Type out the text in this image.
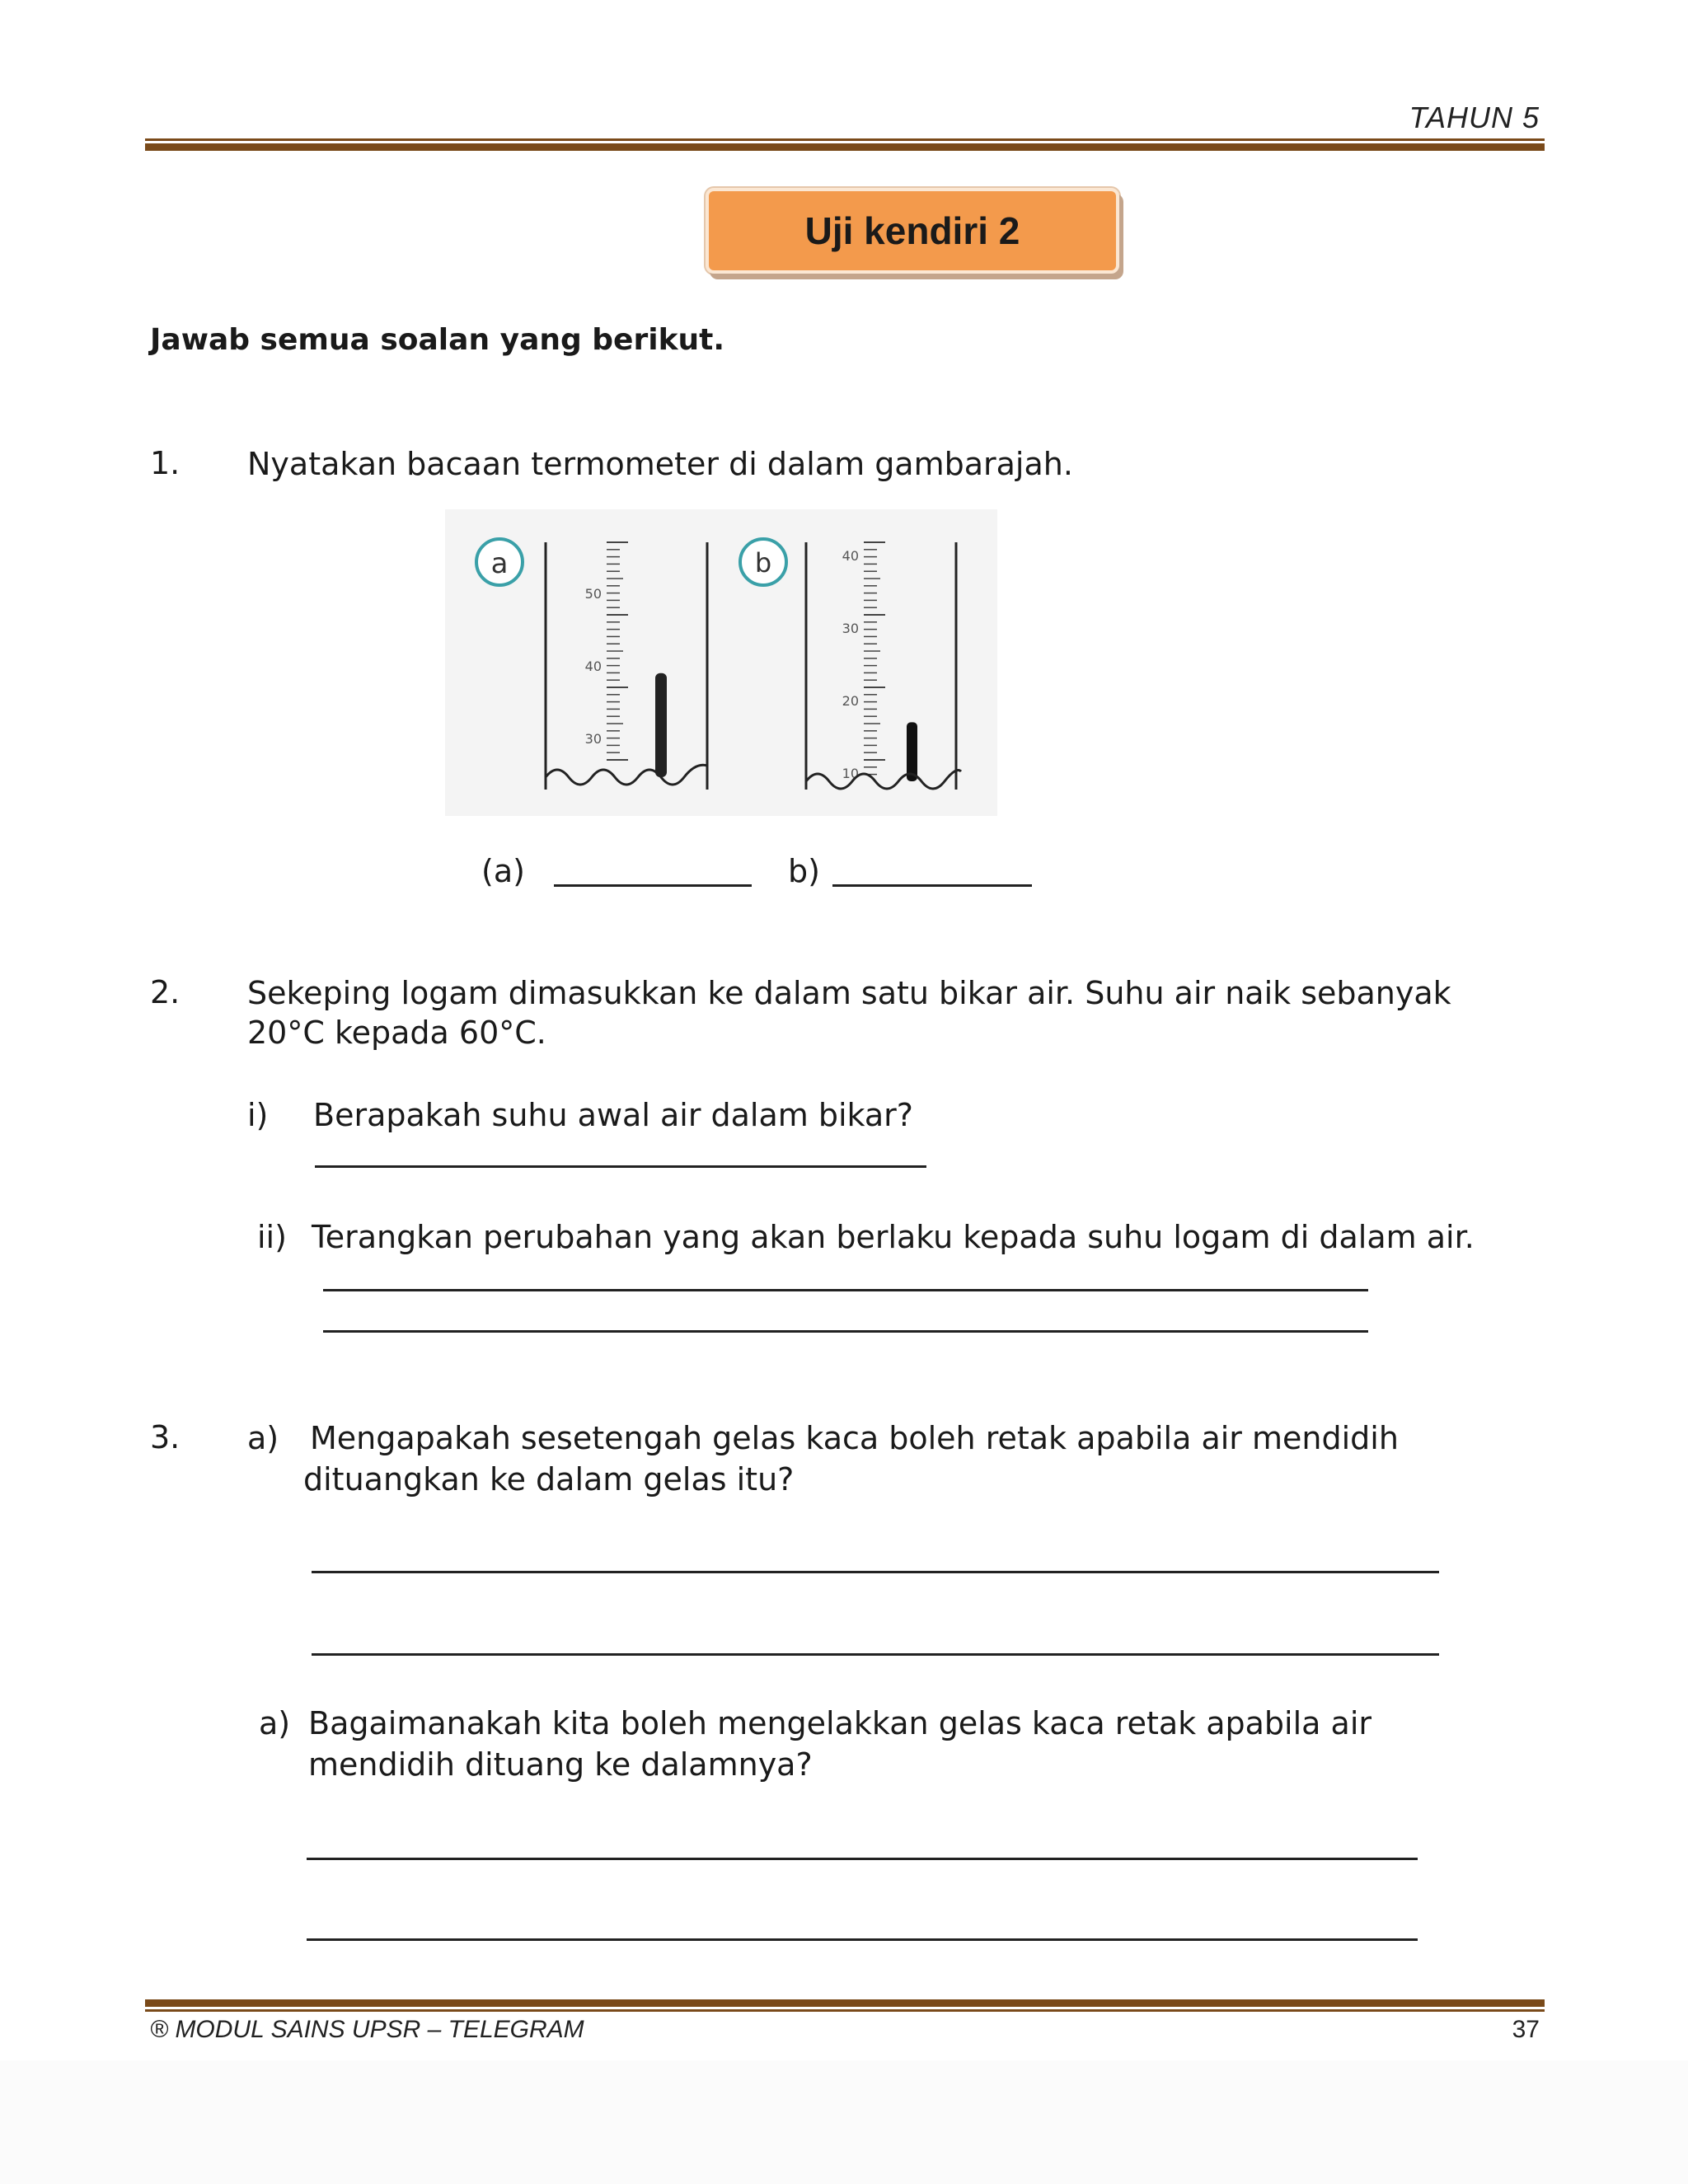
TAHUN 5
Uji kendiri 2
Jawab semua soalan yang berikut.
1. Nyatakan bacaan termometer di dalam gambarajah.
a
50
40
30
b	40
30
20
10
(a)	b)
2. Sekeping logam dimasukkan ke dalam satu bikar air. Suhu air naik sebanyak
20°C kepada 60°C.
i) Berapakah suhu awal air dalam bikar?
ii) Terangkan perubahan yang akan berlaku kepada suhu logam di dalam air.
3. a) Mengapakah sesetengah gelas kaca boleh retak apabila air mendidih
dituangkan ke dalam gelas itu?
a) Bagaimanakah kita boleh mengelakkan gelas kaca retak apabila air
mendidih dituang ke dalamnya?
® MODUL SAINS UPSR – TELEGRAM	37
